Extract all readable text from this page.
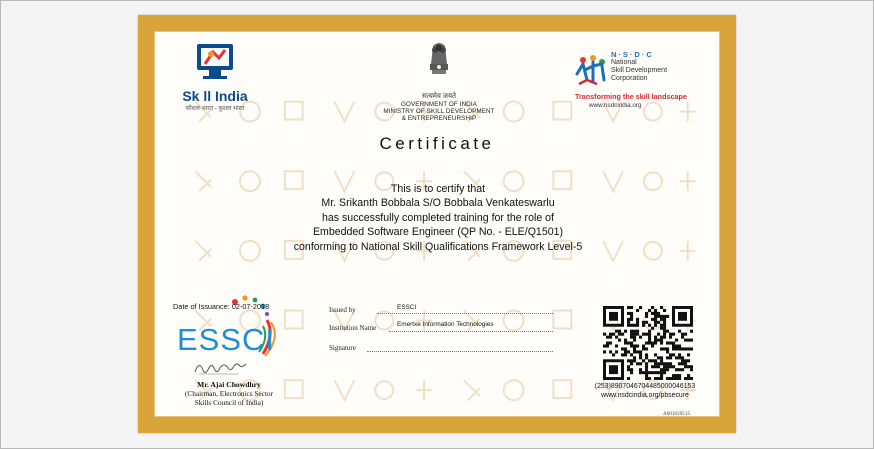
Sk ll India
कौशल भारत - कुशल भारत
सत्यमेव जयते
GOVERNMENT OF INDIA
MINISTRY OF SKILL DEVELOPMENT
& ENTREPRENEURSHIP
N·S·D·C
National
Skill Development
Corporation
Transforming the skill landscape
www.nsdcindia.org
Certificate
This is to certify that
Mr. Srikanth Bobbala S/O Bobbala Venkateswarlu
has successfully completed training for the role of
Embedded Software Engineer (QP No. - ELE/Q1501)
conforming to National Skill Qualifications Framework Level-5
ESSCI
Date of Issuance: 02-07-2018
Mr. Ajai Chowdhry
(Chairman, Electronics Sector
Skills Council of India)
Issued by	ESSCI
Institution Name	Emertxe Information Technologies
Signature
(253)8907046704485000046153
www.nsdcindia.org/pbsecure
A001029515
